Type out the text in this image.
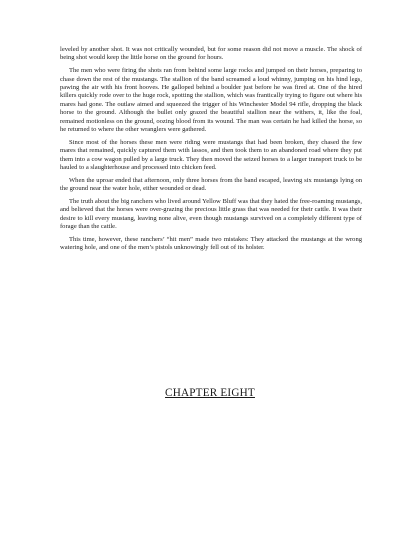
leveled by another shot. It was not critically wounded, but for some reason did not move a muscle. The shock of being shot would keep the little horse on the ground for hours.

The men who were firing the shots ran from behind some large rocks and jumped on their horses, preparing to chase down the rest of the mustangs. The stallion of the band screamed a loud whinny, jumping on his hind legs, pawing the air with his front hooves. He galloped behind a boulder just before he was fired at. One of the hired killers quickly rode over to the huge rock, spotting the stallion, which was frantically trying to figure out where his mares had gone. The outlaw aimed and squeezed the trigger of his Winchester Model 94 rifle, dropping the black horse to the ground. Although the bullet only grazed the beautiful stallion near the withers, it, like the foal, remained motionless on the ground, oozing blood from its wound. The man was certain he had killed the horse, so he returned to where the other wranglers were gathered.

Since most of the horses these men were riding were mustangs that had been broken, they chased the few mares that remained, quickly captured them with lassos, and then took them to an abandoned road where they put them into a cow wagon pulled by a large truck. They then moved the seized horses to a larger transport truck to be hauled to a slaughterhouse and processed into chicken feed.

When the uproar ended that afternoon, only three horses from the band escaped, leaving six mustangs lying on the ground near the water hole, either wounded or dead.

The truth about the big ranchers who lived around Yellow Bluff was that they hated the free-roaming mustangs, and believed that the horses were over-grazing the precious little grass that was needed for their cattle. It was their desire to kill every mustang, leaving none alive, even though mustangs survived on a completely different type of forage than the cattle.

This time, however, these ranchers’ “hit men” made two mistakes: They attacked the mustangs at the wrong watering hole, and one of the men’s pistols unknowingly fell out of its holster.

CHAPTER EIGHT
